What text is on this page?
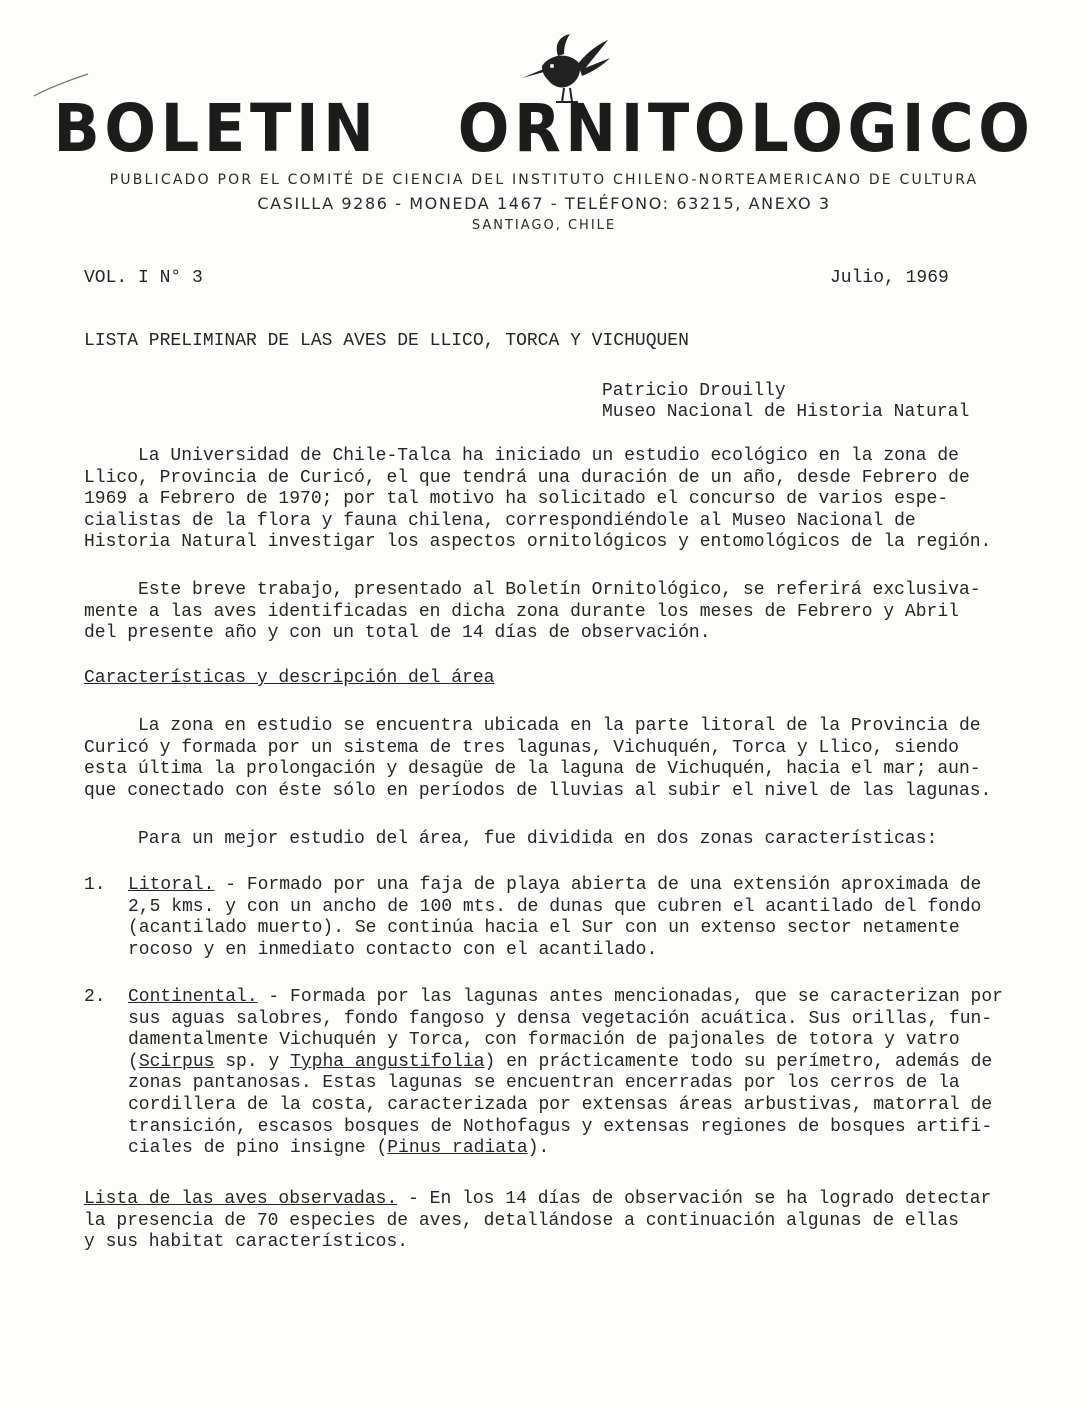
BOLETIN ORNITOLOGICO
PUBLICADO POR EL COMITÉ DE CIENCIA DEL INSTITUTO CHILENO-NORTEAMERICANO DE CULTURA
CASILLA 9286 - MONEDA 1467 - TELÉFONO: 63215, ANEXO 3
SANTIAGO, CHILE
VOL. I N° 3	Julio, 1969
LISTA PRELIMINAR DE LAS AVES DE LLICO, TORCA Y VICHUQUEN
Patricio Drouilly
Museo Nacional de Historia Natural

La Universidad de Chile-Talca ha iniciado un estudio ecológico en la zona de
Llico, Provincia de Curicó, el que tendrá una duración de un año, desde Febrero de
1969 a Febrero de 1970; por tal motivo ha solicitado el concurso de varios espe-
cialistas de la flora y fauna chilena, correspondiéndole al Museo Nacional de
Historia Natural investigar los aspectos ornitológicos y entomológicos de la región.

Este breve trabajo, presentado al Boletín Ornitológico, se referirá exclusiva-
mente a las aves identificadas en dicha zona durante los meses de Febrero y Abril
del presente año y con un total de 14 días de observación.

Características y descripción del área

La zona en estudio se encuentra ubicada en la parte litoral de la Provincia de
Curicó y formada por un sistema de tres lagunas, Vichuquén, Torca y Llico, siendo
esta última la prolongación y desagüe de la laguna de Vichuquén, hacia el mar; aun-
que conectado con éste sólo en períodos de lluvias al subir el nivel de las lagunas.

Para un mejor estudio del área, fue dividida en dos zonas características:

1. Litoral. - Formado por una faja de playa abierta de una extensión aproximada de
2,5 kms. y con un ancho de 100 mts. de dunas que cubren el acantilado del fondo
(acantilado muerto). Se continúa hacia el Sur con un extenso sector netamente
rocoso y en inmediato contacto con el acantilado.

2. Continental. - Formada por las lagunas antes mencionadas, que se caracterizan por
sus aguas salobres, fondo fangoso y densa vegetación acuática. Sus orillas, fun-
damentalmente Vichuquén y Torca, con formación de pajonales de totora y vatro
(Scirpus sp. y Typha angustifolia) en prácticamente todo su perímetro, además de
zonas pantanosas. Estas lagunas se encuentran encerradas por los cerros de la
cordillera de la costa, caracterizada por extensas áreas arbustivas, matorral de
transición, escasos bosques de Nothofagus y extensas regiones de bosques artifi-
ciales de pino insigne (Pinus radiata).

Lista de las aves observadas. - En los 14 días de observación se ha logrado detectar
la presencia de 70 especies de aves, detallándose a continuación algunas de ellas
y sus habitat característicos.
